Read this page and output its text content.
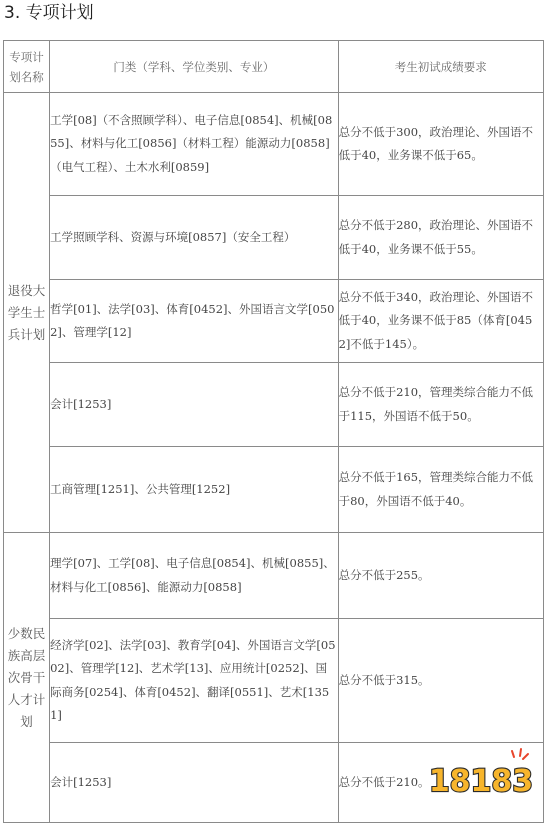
3. 专项计划
专项计划名称	门类（学科、学位类别、专业）	考生初试成绩要求
退役大学生士兵计划	工学[08]（不含照顾学科）、电子信息[0854]、机械[0855]、材料与化工[0856]（材料工程）能源动力[0858]（电气工程）、土木水利[0859]	总分不低于300，政治理论、外国语不低于40，业务课不低于65。
	工学照顾学科、资源与环境[0857]（安全工程）	总分不低于280，政治理论、外国语不低于40，业务课不低于55。
	哲学[01]、法学[03]、体育[0452]、外国语言文学[0502]、管理学[12]	总分不低于340，政治理论、外国语不低于40，业务课不低于85（体育[0452]不低于145）。
	会计[1253]	总分不低于210，管理类综合能力不低于115，外国语不低于50。
	工商管理[1251]、公共管理[1252]	总分不低于165，管理类综合能力不低于80，外国语不低于40。
少数民族高层次骨干人才计划	理学[07]、工学[08]、电子信息[0854]、机械[0855]、材料与化工[0856]、能源动力[0858]	总分不低于255。
	经济学[02]、法学[03]、教育学[04]、外国语言文学[0502]、管理学[12]、艺术学[13]、应用统计[0252]、国际商务[0254]、体育[0452]、翻译[0551]、艺术[1351]	总分不低于315。
	会计[1253]	总分不低于210。 18183
